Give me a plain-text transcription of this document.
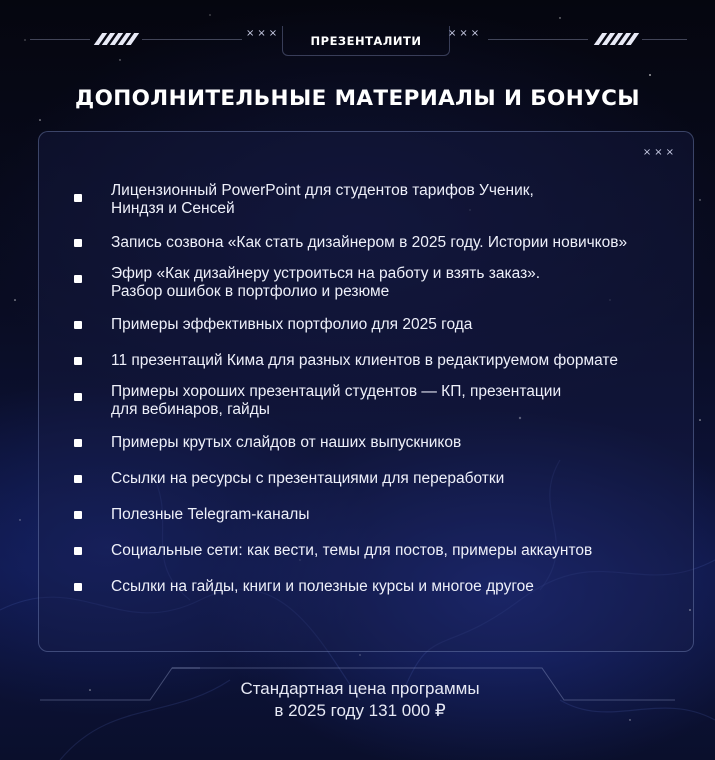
×××
ПРЕЗЕНТАЛИТИ
×××
ДОПОЛНИТЕЛЬНЫЕ МАТЕРИАЛЫ И БОНУСЫ
×××
Лицензионный PowerPoint для студентов тарифов Ученик,
Ниндзя и Сенсей
Запись созвона «Как стать дизайнером в 2025 году. Истории новичков»
Эфир «Как дизайнеру устроиться на работу и взять заказ».
Разбор ошибок в портфолио и резюме
Примеры эффективных портфолио для 2025 года
11 презентаций Кима для разных клиентов в редактируемом формате
Примеры хороших презентаций студентов — КП, презентации
для вебинаров, гайды
Примеры крутых слайдов от наших выпускников
Ссылки на ресурсы с презентациями для переработки
Полезные Telegram-каналы
Социальные сети: как вести, темы для постов, примеры аккаунтов
Ссылки на гайды, книги и полезные курсы и многое другое
Стандартная цена программы
в 2025 году 131 000 ₽
